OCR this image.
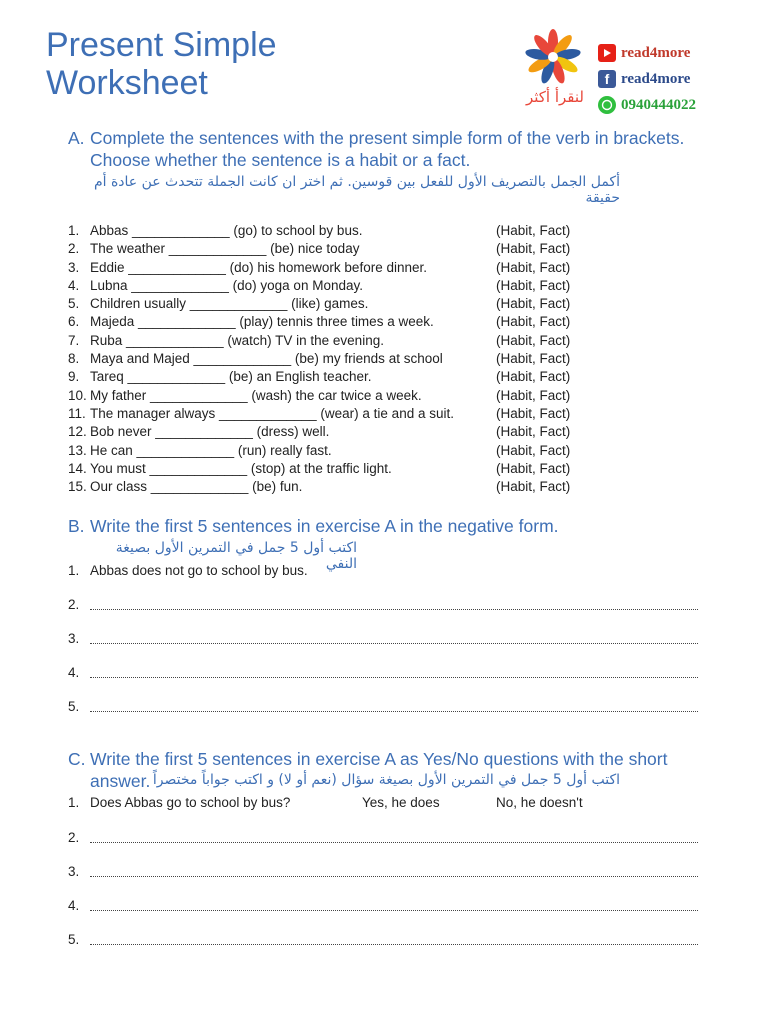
Present Simple
Worksheet	لنقرأ أكثر
read4more
f read4more
0940444022
A. Complete the sentences with the present simple form of the verb in brackets.
Choose whether the sentence is a habit or a fact.
أكمل الجمل بالتصريف الأول للفعل بين قوسين. ثم اختر ان كانت الجملة تتحدث عن عادة أم حقيقة
1. Abbas _____________ (go) to school by bus.	(Habit, Fact)
2. The weather _____________ (be) nice today	(Habit, Fact)
3. Eddie _____________ (do) his homework before dinner.	(Habit, Fact)
4. Lubna _____________ (do) yoga on Monday.	(Habit, Fact)
5. Children usually _____________ (like) games.	(Habit, Fact)
6. Majeda _____________ (play) tennis three times a week.	(Habit, Fact)
7. Ruba _____________ (watch) TV in the evening.	(Habit, Fact)
8. Maya and Majed _____________ (be) my friends at school	(Habit, Fact)
9. Tareq _____________ (be) an English teacher.	(Habit, Fact)
10. My father _____________ (wash) the car twice a week.	(Habit, Fact)
11. The manager always _____________ (wear) a tie and a suit.	(Habit, Fact)
12. Bob never _____________ (dress) well.	(Habit, Fact)
13. He can _____________ (run) really fast.	(Habit, Fact)
14. You must _____________ (stop) at the traffic light.	(Habit, Fact)
15. Our class _____________ (be) fun.	(Habit, Fact)
B. Write the first 5 sentences in exercise A in the negative form.
اكتب أول 5 جمل في التمرين الأول بصيغة النفي
1. Abbas does not go to school by bus.
2.
3.
4.
5.
C. Write the first 5 sentences in exercise A as Yes/No questions with the short
answer. اكتب أول 5 جمل في التمرين الأول بصيغة سؤال (نعم أو لا) و اكتب جواباً مختصراً
1. Does Abbas go to school by bus?	Yes, he does	No, he doesn't
2.
3.
4.
5.
